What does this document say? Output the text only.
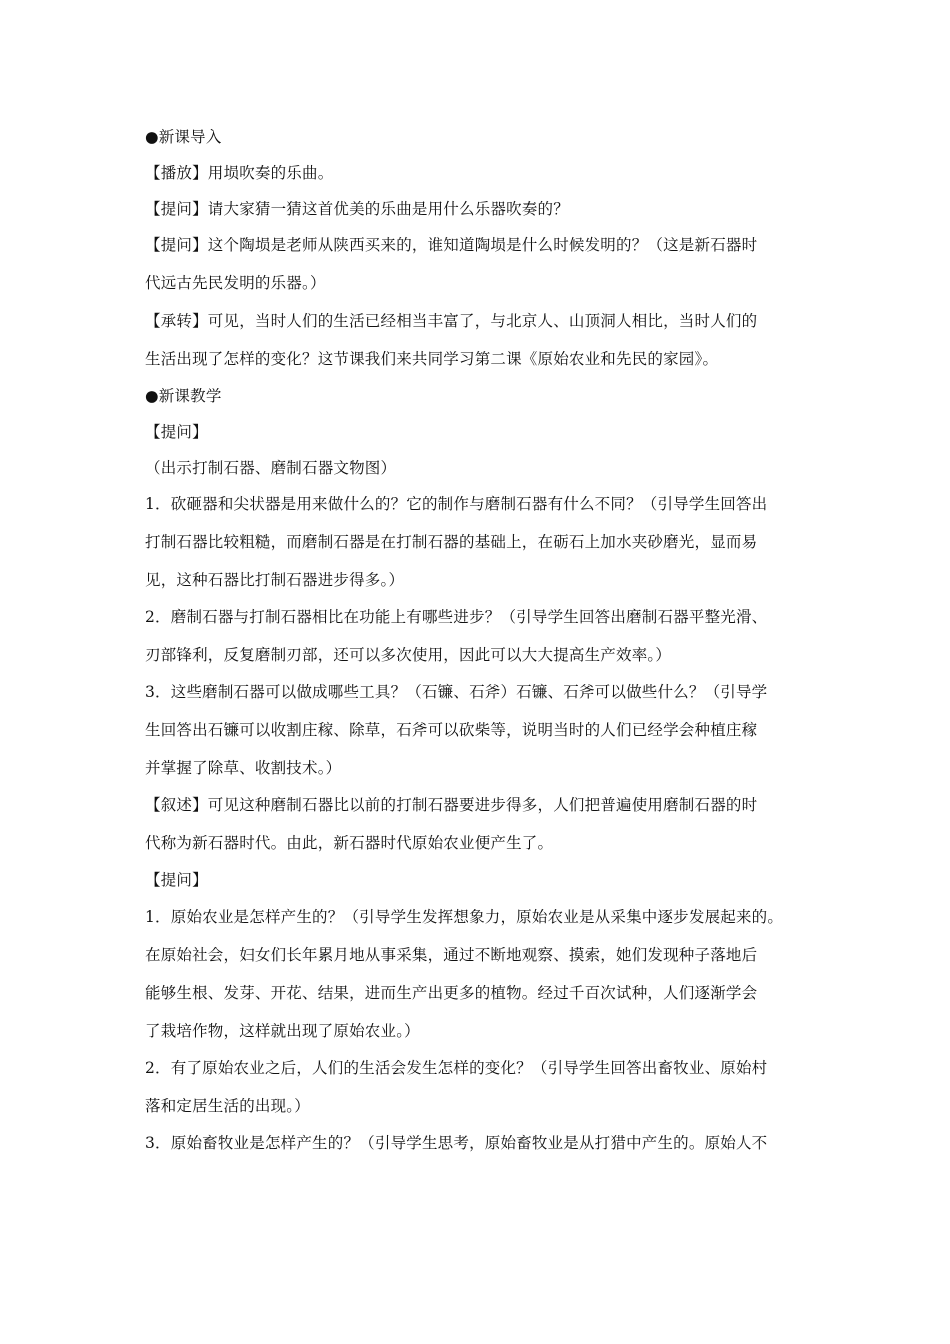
●新课导入
【播放】用埙吹奏的乐曲。
【提问】请大家猜一猜这首优美的乐曲是用什么乐器吹奏的？
【提问】这个陶埙是老师从陕西买来的，谁知道陶埙是什么时候发明的？（这是新石器时
代远古先民发明的乐器。）
【承转】可见，当时人们的生活已经相当丰富了，与北京人、山顶洞人相比，当时人们的
生活出现了怎样的变化？这节课我们来共同学习第二课《原始农业和先民的家园》。
●新课教学
【提问】
（出示打制石器、磨制石器文物图）
1．砍砸器和尖状器是用来做什么的？它的制作与磨制石器有什么不同？（引导学生回答出
打制石器比较粗糙，而磨制石器是在打制石器的基础上，在砺石上加水夹砂磨光，显而易
见，这种石器比打制石器进步得多。）
2．磨制石器与打制石器相比在功能上有哪些进步？（引导学生回答出磨制石器平整光滑、
刃部锋利，反复磨制刃部，还可以多次使用，因此可以大大提高生产效率。）
3．这些磨制石器可以做成哪些工具？（石镰、石斧）石镰、石斧可以做些什么？（引导学
生回答出石镰可以收割庄稼、除草，石斧可以砍柴等，说明当时的人们已经学会种植庄稼
并掌握了除草、收割技术。）
【叙述】可见这种磨制石器比以前的打制石器要进步得多，人们把普遍使用磨制石器的时
代称为新石器时代。由此，新石器时代原始农业便产生了。
【提问】
1．原始农业是怎样产生的？（引导学生发挥想象力，原始农业是从采集中逐步发展起来的。
在原始社会，妇女们长年累月地从事采集，通过不断地观察、摸索，她们发现种子落地后
能够生根、发芽、开花、结果，进而生产出更多的植物。经过千百次试种，人们逐渐学会
了栽培作物，这样就出现了原始农业。）
2．有了原始农业之后，人们的生活会发生怎样的变化？（引导学生回答出畜牧业、原始村
落和定居生活的出现。）
3．原始畜牧业是怎样产生的？（引导学生思考，原始畜牧业是从打猎中产生的。原始人不
